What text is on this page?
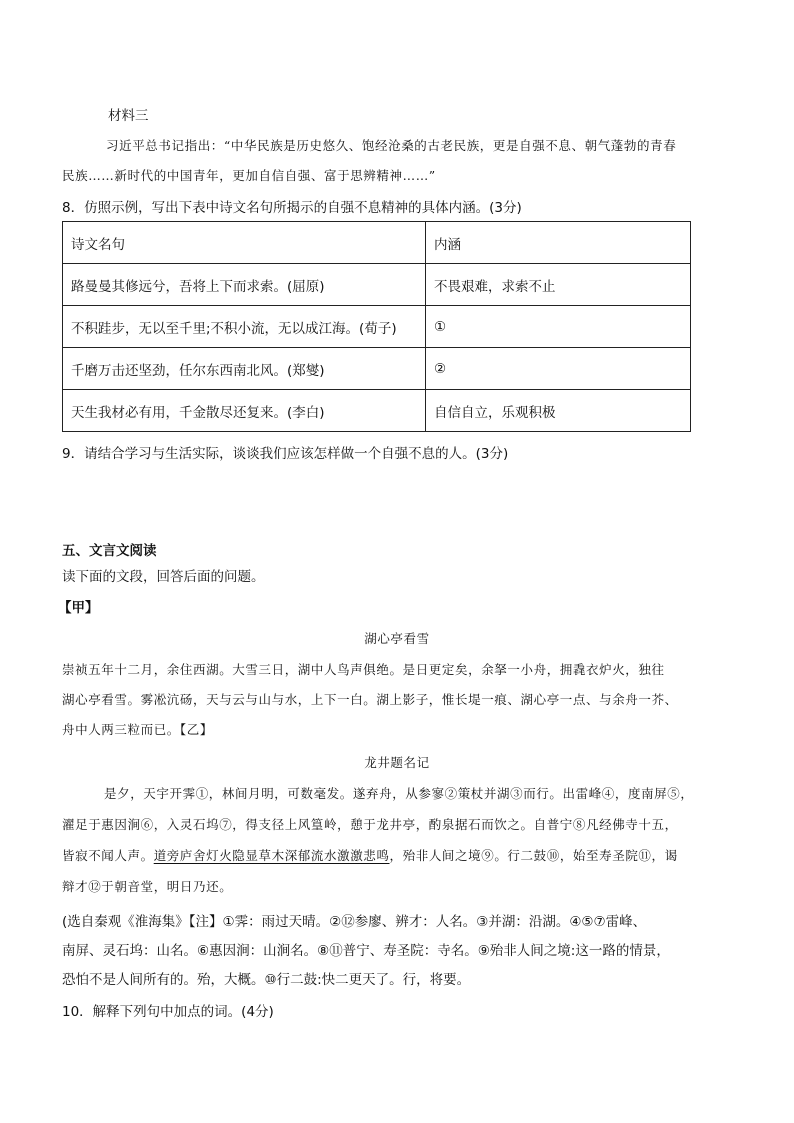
材料三
习近平总书记指出：“中华民族是历史悠久、饱经沧桑的古老民族，更是自强不息、朝气蓬勃的青春
民族……新时代的中国青年，更加自信自强、富于思辨精神……”
8．仿照示例，写出下表中诗文名句所揭示的自强不息精神的具体内涵。(3分)
诗文名句	内涵
路曼曼其修远兮，吾将上下而求索。(屈原)	不畏艰难，求索不止
不积跬步，无以至千里;不积小流，无以成江海。(荀子)	①
千磨万击还坚劲，任尔东西南北风。(郑燮)	②
天生我材必有用，千金散尽还复来。(李白)	自信自立，乐观积极
9．请结合学习与生活实际，谈谈我们应该怎样做一个自强不息的人。(3分)
五、文言文阅读
读下面的文段，回答后面的问题。
【甲】
湖心亭看雪
崇祯五年十二月，余住西湖。大雪三日，湖中人鸟声俱绝。是日更定矣，余拏一小舟，拥毳衣炉火，独往
湖心亭看雪。雾凇沆砀，天与云与山与水，上下一白。湖上影子，惟长堤一痕、湖心亭一点、与余舟一芥、
舟中人两三粒而已。【乙】
龙井题名记
是夕，天宇开霁①，林间月明，可数毫发。遂弃舟，从参寥②策杖并湖③而行。出雷峰④，度南屏⑤，
濯足于惠因涧⑥，入灵石坞⑦，得支径上风篁岭，憩于龙井亭，酌泉据石而饮之。自普宁⑧凡经佛寺十五，
皆寂不闻人声。道旁庐舍灯火隐显草木深郁流水激激悲鸣，殆非人间之境⑨。行二鼓⑩，始至寿圣院⑪，谒
辩才⑫于朝音堂，明日乃还。
(选自秦观《淮海集》【注】①霁：雨过天晴。②⑫参廖、辨才：人名。③并湖：沿湖。④⑤⑦雷峰、
南屏、灵石坞：山名。⑥惠因涧：山涧名。⑧⑪普宁、寿圣院：寺名。⑨殆非人间之境:这一路的情景，
恐怕不是人间所有的。殆，大概。⑩行二鼓:快二更天了。行，将要。
10．解释下列句中加点的词。(4分)
